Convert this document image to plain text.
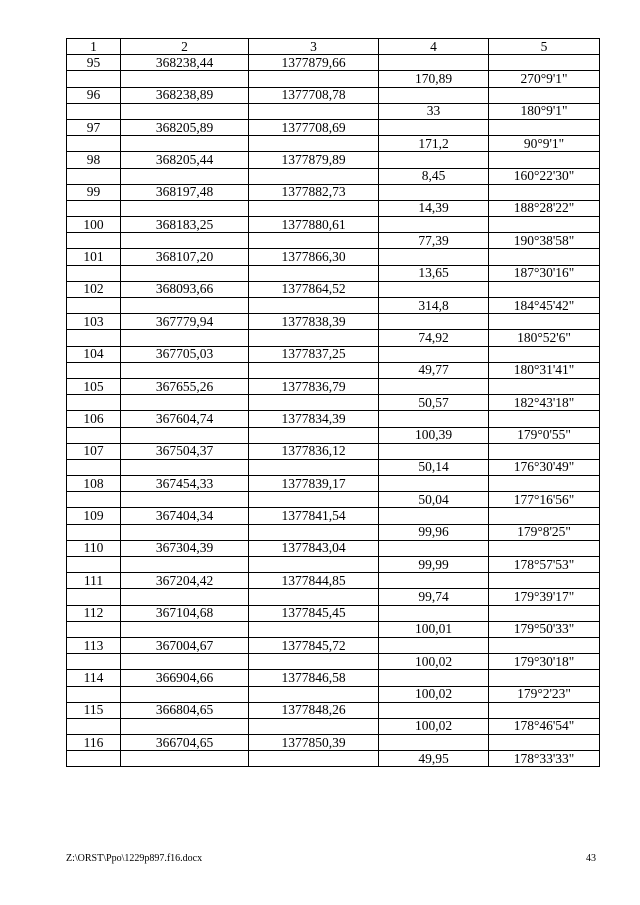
1	2	3	4	5
95	368238,44	1377879,66		
			170,89	270°9'1"
96	368238,89	1377708,78		
			33	180°9'1"
97	368205,89	1377708,69		
			171,2	90°9'1"
98	368205,44	1377879,89		
			8,45	160°22'30"
99	368197,48	1377882,73		
			14,39	188°28'22"
100	368183,25	1377880,61		
			77,39	190°38'58"
101	368107,20	1377866,30		
			13,65	187°30'16"
102	368093,66	1377864,52		
			314,8	184°45'42"
103	367779,94	1377838,39		
			74,92	180°52'6"
104	367705,03	1377837,25		
			49,77	180°31'41"
105	367655,26	1377836,79		
			50,57	182°43'18"
106	367604,74	1377834,39		
			100,39	179°0'55"
107	367504,37	1377836,12		
			50,14	176°30'49"
108	367454,33	1377839,17		
			50,04	177°16'56"
109	367404,34	1377841,54		
			99,96	179°8'25"
110	367304,39	1377843,04		
			99,99	178°57'53"
111	367204,42	1377844,85		
			99,74	179°39'17"
112	367104,68	1377845,45		
			100,01	179°50'33"
113	367004,67	1377845,72		
			100,02	179°30'18"
114	366904,66	1377846,58		
			100,02	179°2'23"
115	366804,65	1377848,26		
			100,02	178°46'54"
116	366704,65	1377850,39		
			49,95	178°33'33"
Z:\ORST\Ppo\1229p897.f16.docx	43
